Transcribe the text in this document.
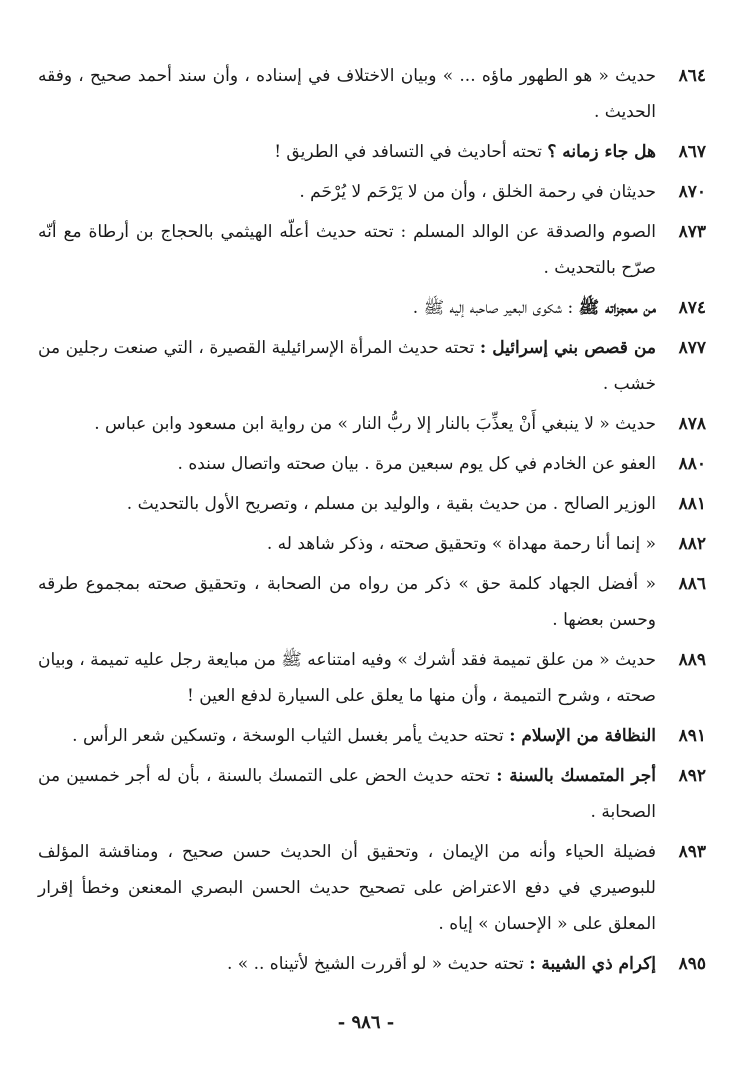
٨٦٤
حديث « هو الطهور ماؤه ... » وبيان الاختلاف في إسناده ، وأن سند أحمد صحيح ، وفقه الحديث .
٨٦٧
هل جاء زمانه ؟ تحته أحاديث في التسافد في الطريق !
٨٧٠
حديثان في رحمة الخلق ، وأن من لا يَرْحَم لا يُرْحَم .
٨٧٣
الصوم والصدقة عن الوالد المسلم : تحته حديث أعلّه الهيثمي بالحجاج بن أرطاة مع أنّه صرّح بالتحديث .
٨٧٤
من معجزاته ﷺ : شكوى البعير صاحبه إليه ﷺ .
٨٧٧
من قصص بني إسرائيل : تحته حديث المرأة الإسرائيلية القصيرة ، التي صنعت رجلين من خشب .
٨٧٨
حديث « لا ينبغي أَنْ يعذِّبَ بالنار إلا ربُّ النار » من رواية ابن مسعود وابن عباس .
٨٨٠
العفو عن الخادم في كل يوم سبعين مرة . بيان صحته واتصال سنده .
٨٨١
الوزير الصالح . من حديث بقية ، والوليد بن مسلم ، وتصريح الأول بالتحديث .
٨٨٢
« إنما أنا رحمة مهداة » وتحقيق صحته ، وذكر شاهد له .
٨٨٦
« أفضل الجهاد كلمة حق » ذكر من رواه من الصحابة ، وتحقيق صحته بمجموع طرقه وحسن بعضها .
٨٨٩
حديث « من علق تميمة فقد أشرك » وفيه امتناعه ﷺ من مبايعة رجل عليه تميمة ، وبيان صحته ، وشرح التميمة ، وأن منها ما يعلق على السيارة لدفع العين !
٨٩١
النظافة من الإسلام : تحته حديث يأمر بغسل الثياب الوسخة ، وتسكين شعر الرأس .
٨٩٢
أجر المتمسك بالسنة : تحته حديث الحض على التمسك بالسنة ، بأن له أجر خمسين من الصحابة .
٨٩٣
فضيلة الحياء وأنه من الإيمان ، وتحقيق أن الحديث حسن صحيح ، ومناقشة المؤلف للبوصيري في دفع الاعتراض على تصحيح حديث الحسن البصري المعنعن وخطأ إقرار المعلق على « الإحسان » إياه .
٨٩٥
إكرام ذي الشيبة : تحته حديث « لو أقررت الشيخ لأتيناه .. » .
- ٩٨٦ -
